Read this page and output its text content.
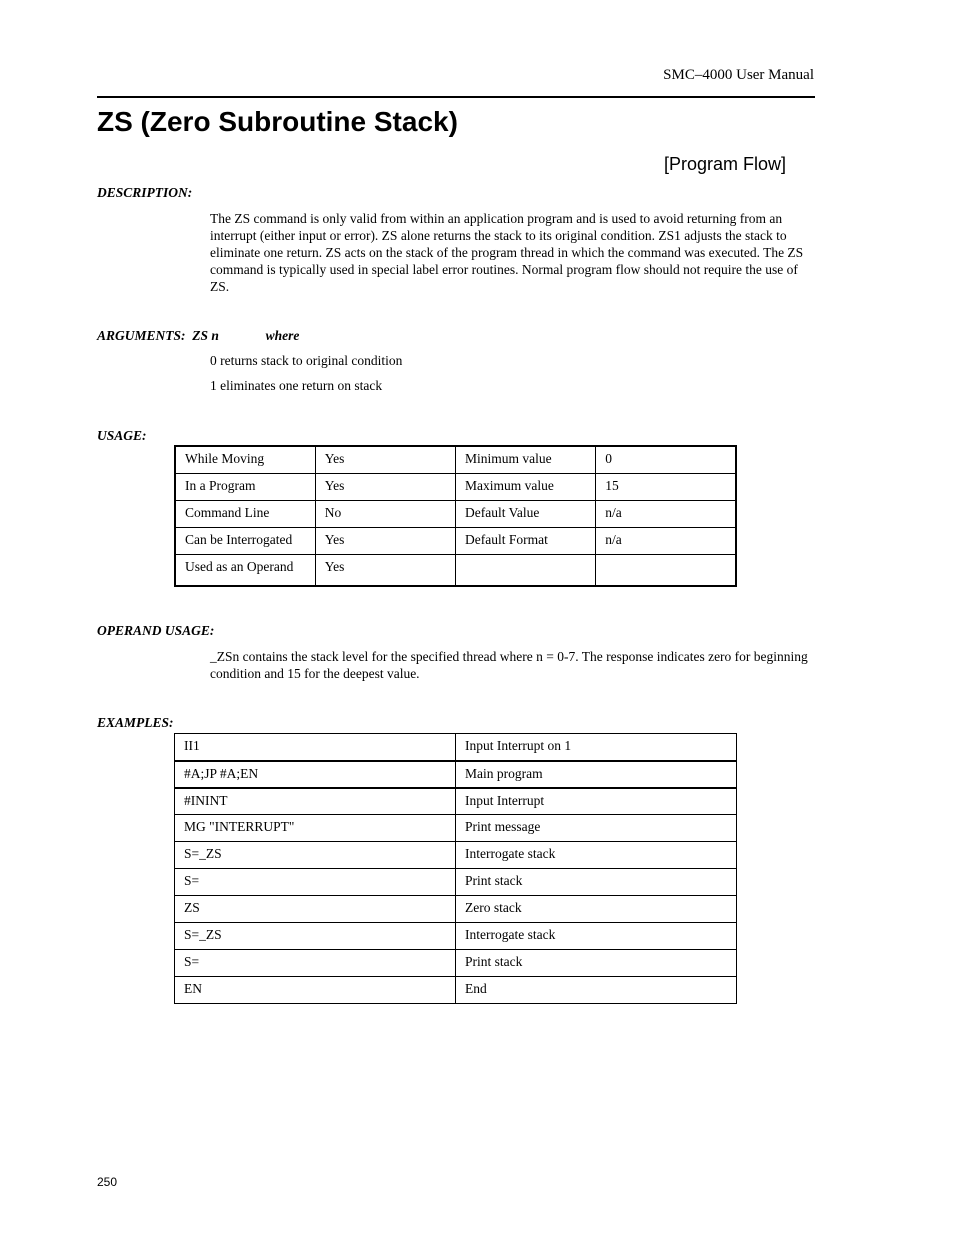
SMC–4000 User Manual
ZS (Zero Subroutine Stack)
[Program Flow]
DESCRIPTION:
The ZS command is only valid from within an application program and is used to avoid returning from an interrupt (either input or error). ZS alone returns the stack to its original condition. ZS1 adjusts the stack to eliminate one return. ZS acts on the stack of the program thread in which the command was executed. The ZS command is typically used in special label error routines. Normal program flow should not require the use of ZS.
ARGUMENTS: ZS n	where
0 returns stack to original condition
1 eliminates one return on stack
USAGE:
While Moving	Yes	Minimum value	0
In a Program	Yes	Maximum value	15
Command Line	No	Default Value	n/a
Can be Interrogated	Yes	Default Format	n/a
Used as an Operand	Yes		
OPERAND USAGE:
_ZSn contains the stack level for the specified thread where n = 0-7. The response indicates zero for beginning condition and 15 for the deepest value.
EXAMPLES:
II1	Input Interrupt on 1
#A;JP #A;EN	Main program
#ININT	Input Interrupt
MG "INTERRUPT"	Print message
S=_ZS	Interrogate stack
S=	Print stack
ZS	Zero stack
S=_ZS	Interrogate stack
S=	Print stack
EN	End
250
